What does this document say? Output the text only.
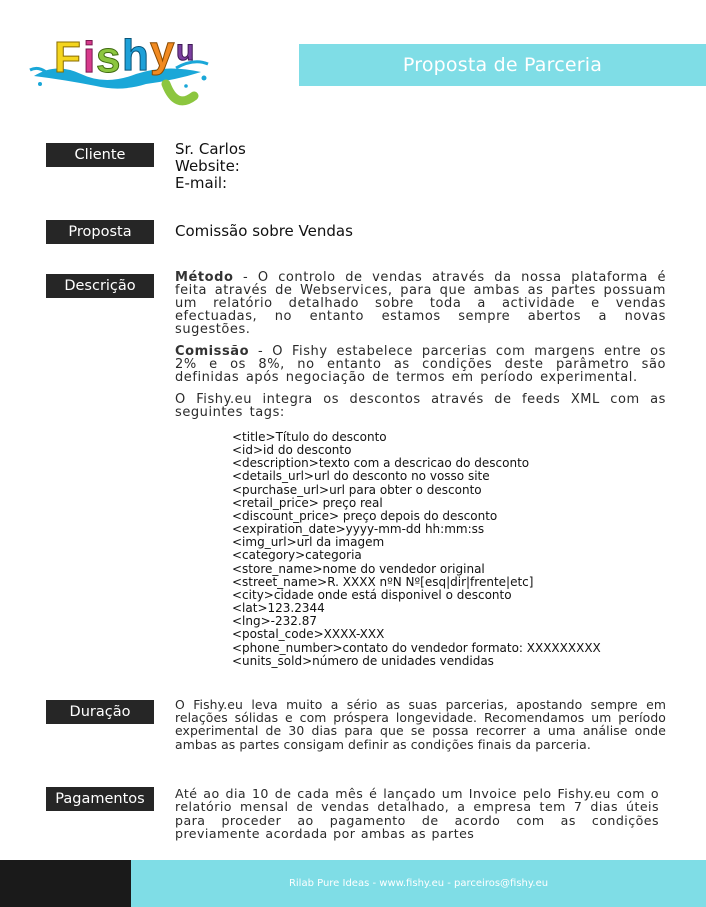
F i s h y u	Proposta de Parceria
Cliente	Sr. Carlos
Website:
E-mail:
Proposta	Comissão sobre Vendas
Descrição

Método - O controlo de vendas através da nossa plataforma é feita através de Webservices, para que ambas as partes possuam um relatório detalhado sobre toda a actividade e vendas efectuadas, no entanto estamos sempre abertos a novas sugestões.

Comissão - O Fishy estabelece parcerias com margens entre os 2% e os 8%, no entanto as condições deste parâmetro são definidas após negociação de termos em período experimental.

O Fishy.eu integra os descontos através de feeds XML com as seguintes tags:

<title>Título do desconto
<id>id do desconto
<description>texto com a descricao do desconto
<details_url>url do desconto no vosso site
<purchase_url>url para obter o desconto
<retail_price> preço real
<discount_price> preço depois do desconto
<expiration_date>yyyy-mm-dd hh:mm:ss
<img_url>url da imagem
<category>categoria
<store_name>nome do vendedor original
<street_name>R. XXXX nºN Nº[esq|dir|frente|etc]
<city>cidade onde está disponivel o desconto
<lat>123.2344
<lng>-232.87
<postal_code>XXXX-XXX
<phone_number>contato do vendedor formato: XXXXXXXXX
<units_sold>número de unidades vendidas
Duração	O Fishy.eu leva muito a sério as suas parcerias, apostando sempre em relações sólidas e com próspera longevidade. Recomendamos um período experimental de 30 dias para que se possa recorrer a uma análise onde ambas as partes consigam definir as condições finais da parceria.

Pagamentos	Até ao dia 10 de cada mês é lançado um Invoice pelo Fishy.eu com o relatório mensal de vendas detalhado, a empresa tem 7 dias úteis para proceder ao pagamento de acordo com as condições previamente acordada por ambas as partes

Rilab Pure Ideas - www.fishy.eu - parceiros@fishy.eu
